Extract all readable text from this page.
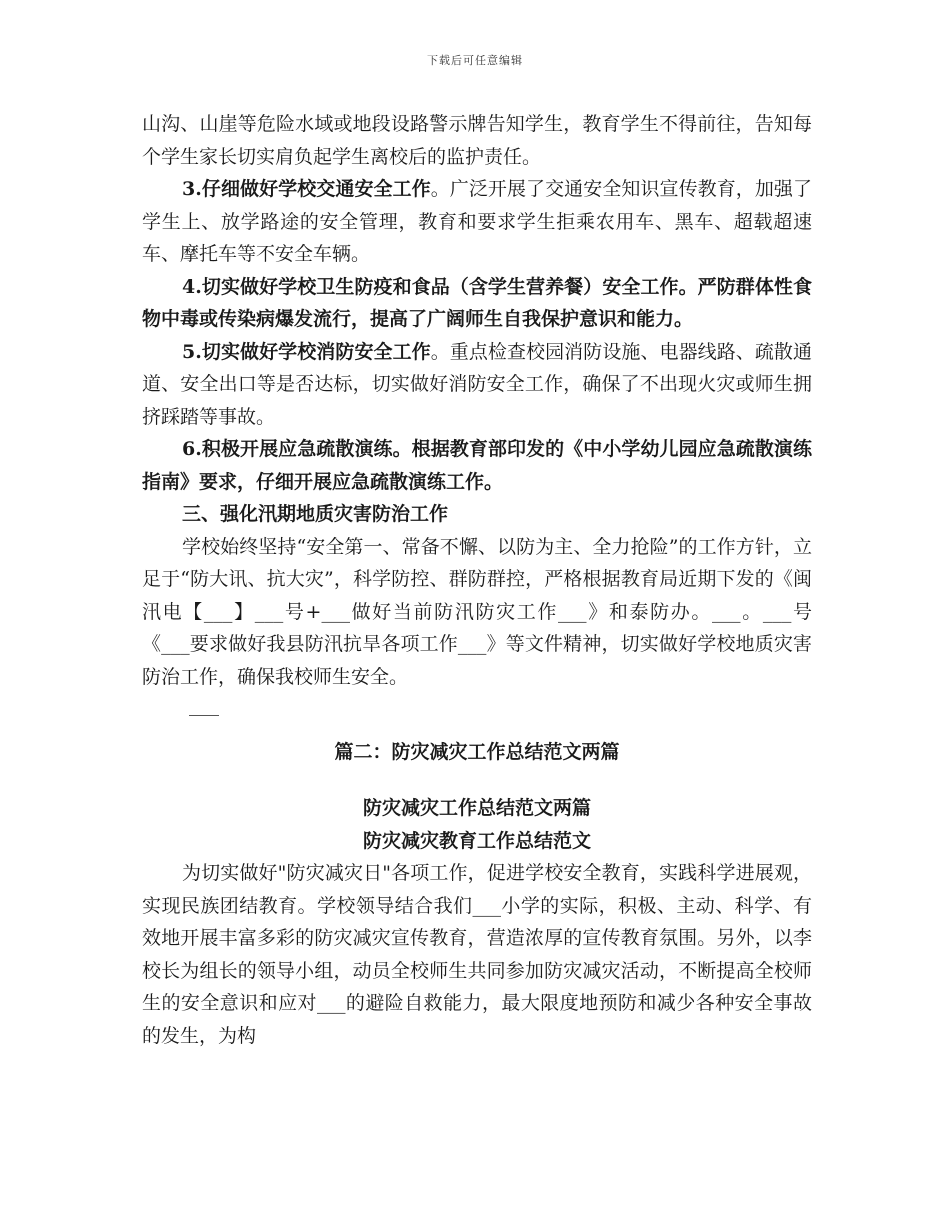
下载后可任意编辑

山沟、山崖等危险水域或地段设路警示牌告知学生，教育学生不得前往，告知每个学生家长切实肩负起学生离校后的监护责任。

3.仔细做好学校交通安全工作。广泛开展了交通安全知识宣传教育，加强了学生上、放学路途的安全管理，教育和要求学生拒乘农用车、黑车、超载超速车、摩托车等不安全车辆。

4.切实做好学校卫生防疫和食品（含学生营养餐）安全工作。严防群体性食物中毒或传染病爆发流行，提高了广阔师生自我保护意识和能力。

5.切实做好学校消防安全工作。重点检查校园消防设施、电器线路、疏散通道、安全出口等是否达标，切实做好消防安全工作，确保了不出现火灾或师生拥挤踩踏等事故。

6.积极开展应急疏散演练。根据教育部印发的《中小学幼儿园应急疏散演练指南》要求，仔细开展应急疏散演练工作。

三、强化汛期地质灾害防治工作

学校始终坚持“安全第一、常备不懈、以防为主、全力抢险”的工作方针，立足于“防大讯、抗大灾”，科学防控、群防群控，严格根据教育局近期下发的《闽汛电【___】___号+___做好当前防汛防灾工作___》和泰防办。___。___号《___要求做好我县防汛抗旱各项工作___》等文件精神，切实做好学校地质灾害防治工作，确保我校师生安全。

篇二：防灾减灾工作总结范文两篇

防灾减灾工作总结范文两篇

防灾减灾教育工作总结范文

为切实做好"防灾减灾日"各项工作，促进学校安全教育，实践科学进展观，实现民族团结教育。学校领导结合我们___小学的实际，积极、主动、科学、有效地开展丰富多彩的防灾减灾宣传教育，营造浓厚的宣传教育氛围。另外，以李校长为组长的领导小组，动员全校师生共同参加防灾减灾活动，不断提高全校师生的安全意识和应对___的避险自救能力，最大限度地预防和减少各种安全事故的发生，为构
